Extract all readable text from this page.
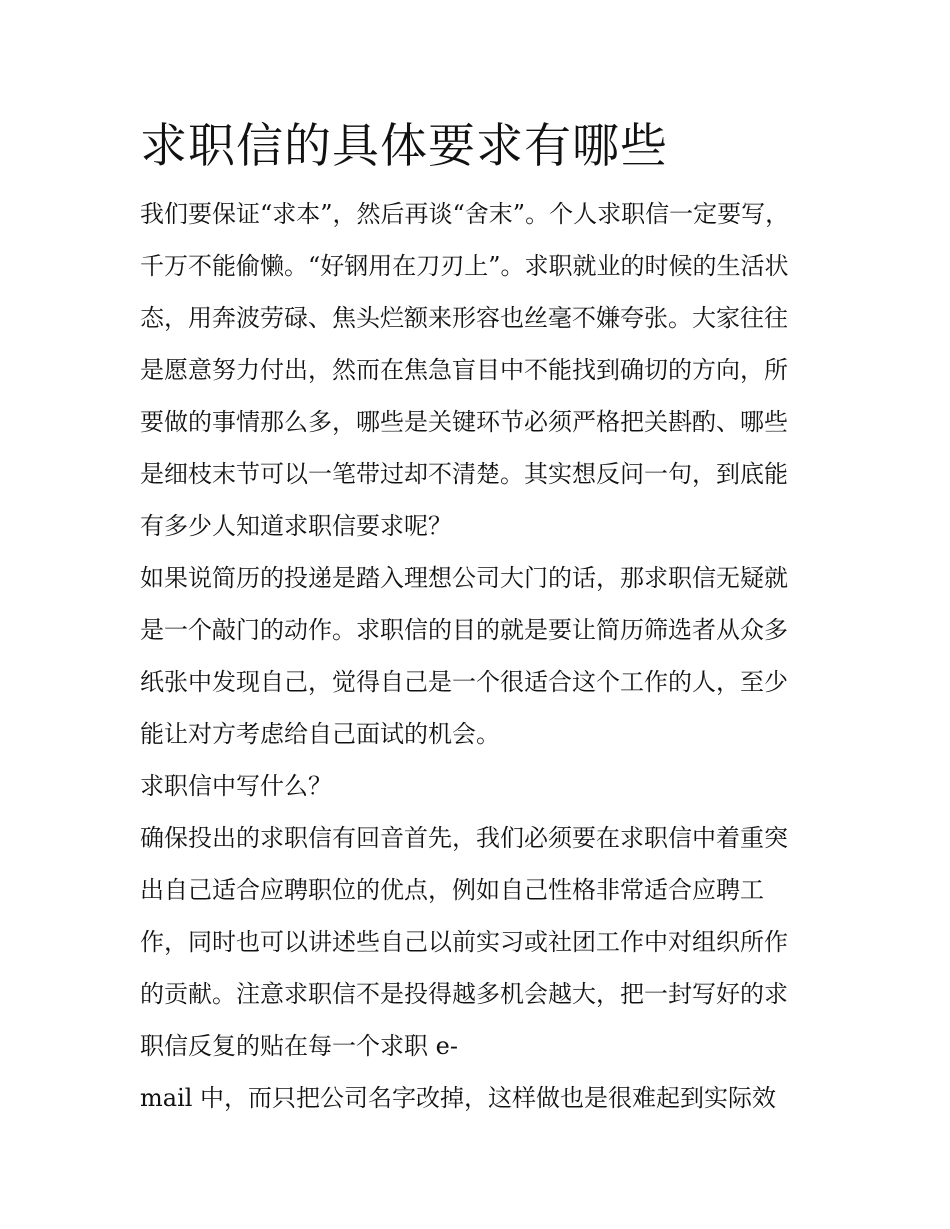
求职信的具体要求有哪些
我们要保证“求本”，然后再谈“舍末”。个人求职信一定要写，
千万不能偷懒。“好钢用在刀刃上”。求职就业的时候的生活状
态，用奔波劳碌、焦头烂额来形容也丝毫不嫌夸张。大家往往
是愿意努力付出，然而在焦急盲目中不能找到确切的方向，所
要做的事情那么多，哪些是关键环节必须严格把关斟酌、哪些
是细枝末节可以一笔带过却不清楚。其实想反问一句，到底能
有多少人知道求职信要求呢？
如果说简历的投递是踏入理想公司大门的话，那求职信无疑就
是一个敲门的动作。求职信的目的就是要让简历筛选者从众多
纸张中发现自己，觉得自己是一个很适合这个工作的人，至少
能让对方考虑给自己面试的机会。
求职信中写什么？
确保投出的求职信有回音首先，我们必须要在求职信中着重突
出自己适合应聘职位的优点，例如自己性格非常适合应聘工
作，同时也可以讲述些自己以前实习或社团工作中对组织所作
的贡献。注意求职信不是投得越多机会越大，把一封写好的求
职信反复的贴在每一个求职 e-
mail 中，而只把公司名字改掉，这样做也是很难起到实际效
